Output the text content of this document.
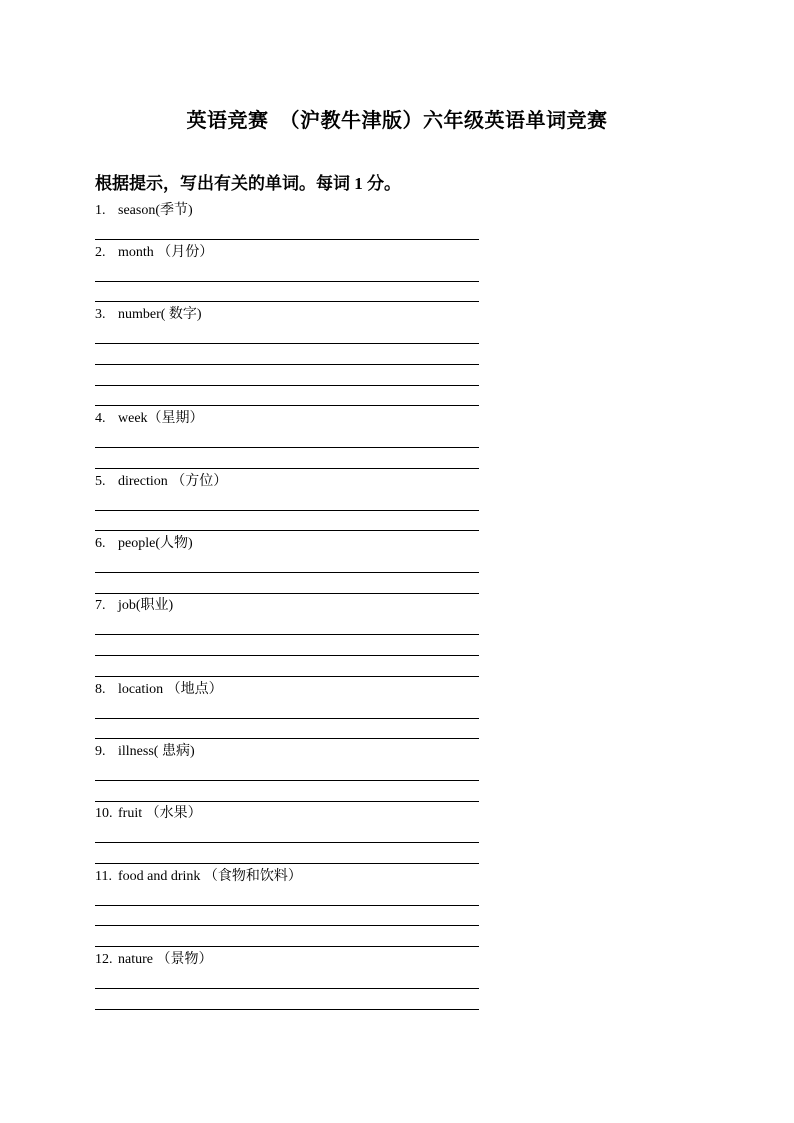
英语竞赛  （沪教牛津版）六年级英语单词竞赛
根据提示，写出有关的单词。每词 1 分。
1. season(季节)
2. month （月份）
3. number( 数字)
4. week（星期）
5. direction （方位）
6. people(人物)
7. job(职业)
8. location （地点）
9. illness( 患病)
10. fruit （水果）
11. food and drink （食物和饮料）
12. nature （景物）
